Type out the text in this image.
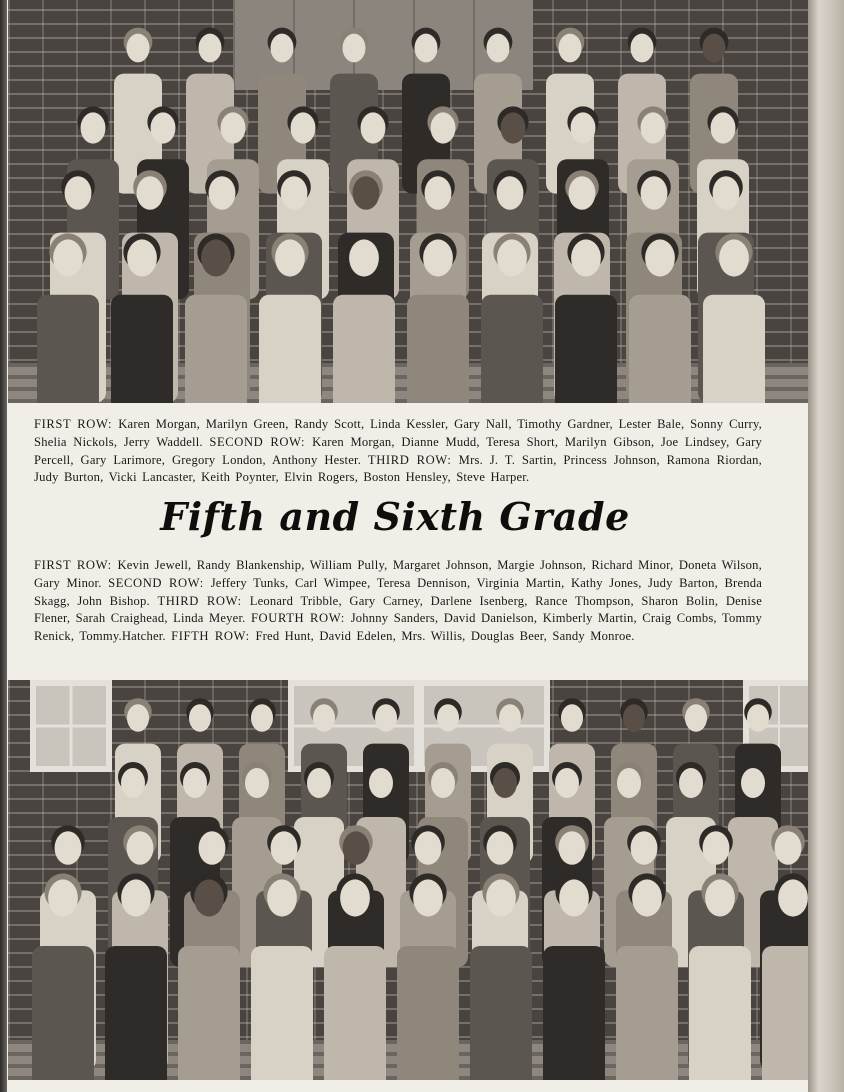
FIRST ROW: Karen Morgan, Marilyn Green, Randy Scott, Linda Kessler, Gary Nall, Timothy Gardner, Lester Bale, Sonny Curry, Shelia Nickols, Jerry Waddell. SECOND ROW: Karen Morgan, Dianne Mudd, Teresa Short, Marilyn Gibson, Joe Lindsey, Gary Percell, Gary Larimore, Gregory London, Anthony Hester. THIRD ROW: Mrs. J. T. Sartin, Princess Johnson, Ramona Riordan, Judy Burton, Vicki Lancaster, Keith Poynter, Elvin Rogers, Boston Hensley, Steve Harper.
Fifth and Sixth Grade
FIRST ROW: Kevin Jewell, Randy Blankenship, William Pully, Margaret Johnson, Margie Johnson, Richard Minor, Doneta Wilson, Gary Minor. SECOND ROW: Jeffery Tunks, Carl Wimpee, Teresa Dennison, Virginia Martin, Kathy Jones, Judy Barton, Brenda Skagg, John Bishop. THIRD ROW: Leonard Tribble, Gary Carney, Darlene Isenberg, Rance Thompson, Sharon Bolin, Denise Flener, Sarah Craighead, Linda Meyer. FOURTH ROW: Johnny Sanders, David Danielson, Kimberly Martin, Craig Combs, Tommy Renick, Tommy.Hatcher. FIFTH ROW: Fred Hunt, David Edelen, Mrs. Willis, Douglas Beer, Sandy Monroe.
